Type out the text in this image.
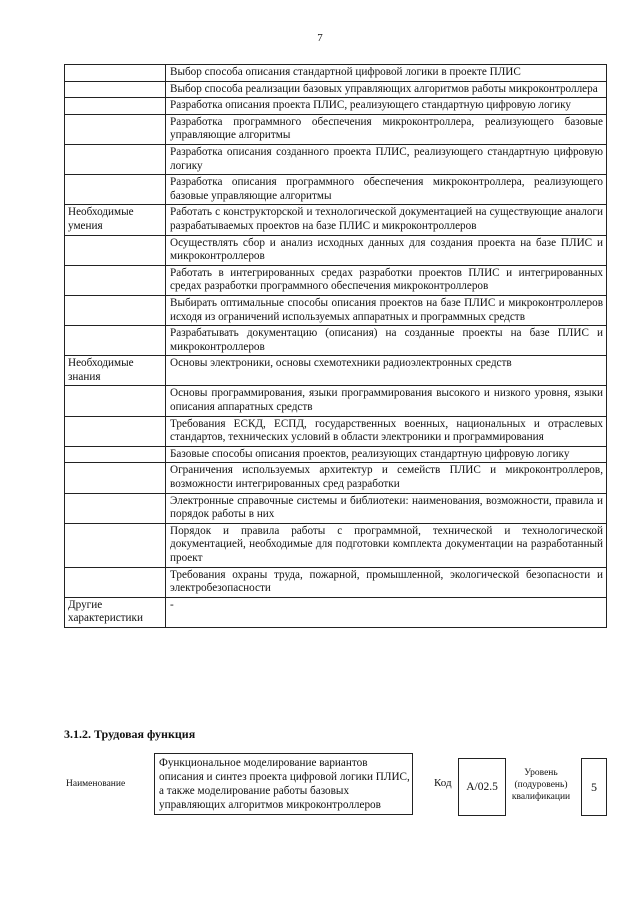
7
	Выбор способа описания стандартной цифровой логики в проекте ПЛИС
	Выбор способа реализации базовых управляющих алгоритмов работы микроконтроллера
	Разработка описания проекта ПЛИС, реализующего стандартную цифровую логику
	Разработка программного обеспечения микроконтроллера, реализующего базовые управляющие алгоритмы
	Разработка описания созданного проекта ПЛИС, реализующего стандартную цифровую логику
	Разработка описания программного обеспечения микроконтроллера, реализующего базовые управляющие алгоритмы
Необходимые умения	Работать с конструкторской и технологической документацией на существующие аналоги разрабатываемых проектов на базе ПЛИС и микроконтроллеров
	Осуществлять сбор и анализ исходных данных для создания проекта на базе ПЛИС и микроконтроллеров
	Работать в интегрированных средах разработки проектов ПЛИС и интегрированных средах разработки программного обеспечения микроконтроллеров
	Выбирать оптимальные способы описания проектов на базе ПЛИС и микроконтроллеров исходя из ограничений используемых аппаратных и программных средств
	Разрабатывать документацию (описания) на созданные проекты на базе ПЛИС и микроконтроллеров
Необходимые знания	Основы электроники, основы схемотехники радиоэлектронных средств
	Основы программирования, языки программирования высокого и низкого уровня, языки описания аппаратных средств
	Требования ЕСКД, ЕСПД, государственных военных, национальных и отраслевых стандартов, технических условий в области электроники и программирования
	Базовые способы описания проектов, реализующих стандартную цифровую логику
	Ограничения используемых архитектур и семейств ПЛИС и микроконтроллеров, возможности интегрированных сред разработки
	Электронные справочные системы и библиотеки: наименования, возможности, правила и порядок работы в них
	Порядок и правила работы с программной, технической и технологической документацией, необходимые для подготовки комплекта документации на разработанный проект
	Требования охраны труда, пожарной, промышленной, экологической безопасности и электробезопасности
Другие характеристики	-
3.1.2. Трудовая функция
Наименование
Функциональное моделирование вариантов описания и синтез проекта цифровой логики ПЛИС, а также моделирование работы базовых управляющих алгоритмов микроконтроллеров
Код A/02.5
Уровень (подуровень) квалификации
5
